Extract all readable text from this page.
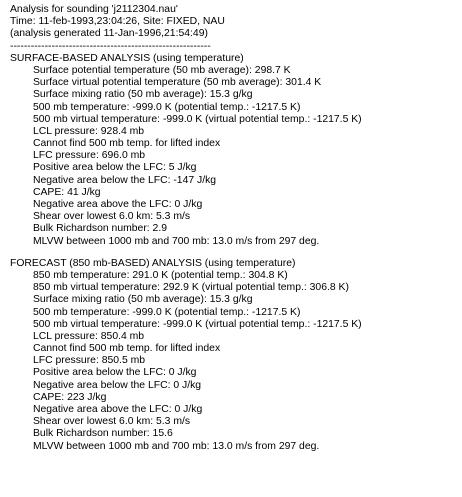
Analysis for sounding 'j2112304.nau'
Time: 11-feb-1993,23:04:26, Site: FIXED, NAU
(analysis generated 11-Jan-1996,21:54:49)
----------------------------------------------------------
SURFACE-BASED ANALYSIS (using temperature)
Surface potential temperature (50 mb average): 298.7 K
Surface virtual potential temperature (50 mb average): 301.4 K
Surface mixing ratio (50 mb average): 15.3 g/kg
500 mb temperature: -999.0 K (potential temp.: -1217.5 K)
500 mb virtual temperature: -999.0 K (virtual potential temp.: -1217.5 K)
LCL pressure: 928.4 mb
Cannot find 500 mb temp. for lifted index
LFC pressure: 696.0 mb
Positive area below the LFC: 5 J/kg
Negative area below the LFC: -147 J/kg
CAPE: 41 J/kg
Negative area above the LFC: 0 J/kg
Shear over lowest 6.0 km: 5.3 m/s
Bulk Richardson number: 2.9
MLVW between 1000 mb and 700 mb: 13.0 m/s from 297 deg.
FORECAST (850 mb-BASED) ANALYSIS (using temperature)
850 mb temperature: 291.0 K (potential temp.: 304.8 K)
850 mb virtual temperature: 292.9 K (virtual potential temp.: 306.8 K)
Surface mixing ratio (50 mb average): 15.3 g/kg
500 mb temperature: -999.0 K (potential temp.: -1217.5 K)
500 mb virtual temperature: -999.0 K (virtual potential temp.: -1217.5 K)
LCL pressure: 850.4 mb
Cannot find 500 mb temp. for lifted index
LFC pressure: 850.5 mb
Positive area below the LFC: 0 J/kg
Negative area below the LFC: 0 J/kg
CAPE: 223 J/kg
Negative area above the LFC: 0 J/kg
Shear over lowest 6.0 km: 5.3 m/s
Bulk Richardson number: 15.6
MLVW between 1000 mb and 700 mb: 13.0 m/s from 297 deg.
